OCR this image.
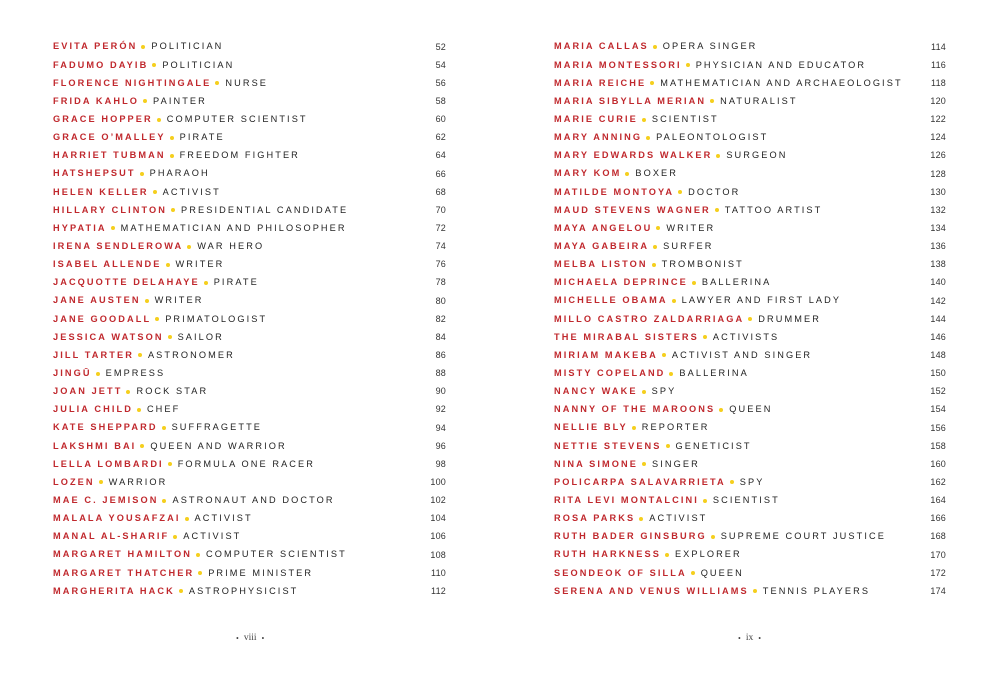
EVITA PERÓN POLITICIAN	52
FADUMO DAYIB POLITICIAN	54
FLORENCE NIGHTINGALE NURSE	56
FRIDA KAHLO PAINTER	58
GRACE HOPPER COMPUTER SCIENTIST	60
GRACE O’MALLEY PIRATE	62
HARRIET TUBMAN FREEDOM FIGHTER	64
HATSHEPSUT PHARAOH	66
HELEN KELLER ACTIVIST	68
HILLARY CLINTON PRESIDENTIAL CANDIDATE	70
HYPATIA MATHEMATICIAN AND PHILOSOPHER	72
IRENA SENDLEROWA WAR HERO	74
ISABEL ALLENDE WRITER	76
JACQUOTTE DELAHAYE PIRATE	78
JANE AUSTEN WRITER	80
JANE GOODALL PRIMATOLOGIST	82
JESSICA WATSON SAILOR	84
JILL TARTER ASTRONOMER	86
JINGŪ EMPRESS	88
JOAN JETT ROCK STAR	90
JULIA CHILD CHEF	92
KATE SHEPPARD SUFFRAGETTE	94
LAKSHMI BAI QUEEN AND WARRIOR	96
LELLA LOMBARDI FORMULA ONE RACER	98
LOZEN WARRIOR	100
MAE C. JEMISON ASTRONAUT AND DOCTOR	102
MALALA YOUSAFZAI ACTIVIST	104
MANAL AL-SHARIF ACTIVIST	106
MARGARET HAMILTON COMPUTER SCIENTIST	108
MARGARET THATCHER PRIME MINISTER	110
MARGHERITA HACK ASTROPHYSICIST	112
• viii •
MARIA CALLAS OPERA SINGER	114
MARIA MONTESSORI PHYSICIAN AND EDUCATOR	116
MARIA REICHE MATHEMATICIAN AND ARCHAEOLOGIST	118
MARIA SIBYLLA MERIAN NATURALIST	120
MARIE CURIE SCIENTIST	122
MARY ANNING PALEONTOLOGIST	124
MARY EDWARDS WALKER SURGEON	126
MARY KOM BOXER	128
MATILDE MONTOYA DOCTOR	130
MAUD STEVENS WAGNER TATTOO ARTIST	132
MAYA ANGELOU WRITER	134
MAYA GABEIRA SURFER	136
MELBA LISTON TROMBONIST	138
MICHAELA DEPRINCE BALLERINA	140
MICHELLE OBAMA LAWYER AND FIRST LADY	142
MILLO CASTRO ZALDARRIAGA DRUMMER	144
THE MIRABAL SISTERS ACTIVISTS	146
MIRIAM MAKEBA ACTIVIST AND SINGER	148
MISTY COPELAND BALLERINA	150
NANCY WAKE SPY	152
NANNY OF THE MAROONS QUEEN	154
NELLIE BLY REPORTER	156
NETTIE STEVENS GENETICIST	158
NINA SIMONE SINGER	160
POLICARPA SALAVARRIETA SPY	162
RITA LEVI MONTALCINI SCIENTIST	164
ROSA PARKS ACTIVIST	166
RUTH BADER GINSBURG SUPREME COURT JUSTICE	168
RUTH HARKNESS EXPLORER	170
SEONDEOK OF SILLA QUEEN	172
SERENA AND VENUS WILLIAMS TENNIS PLAYERS	174
• ix •
